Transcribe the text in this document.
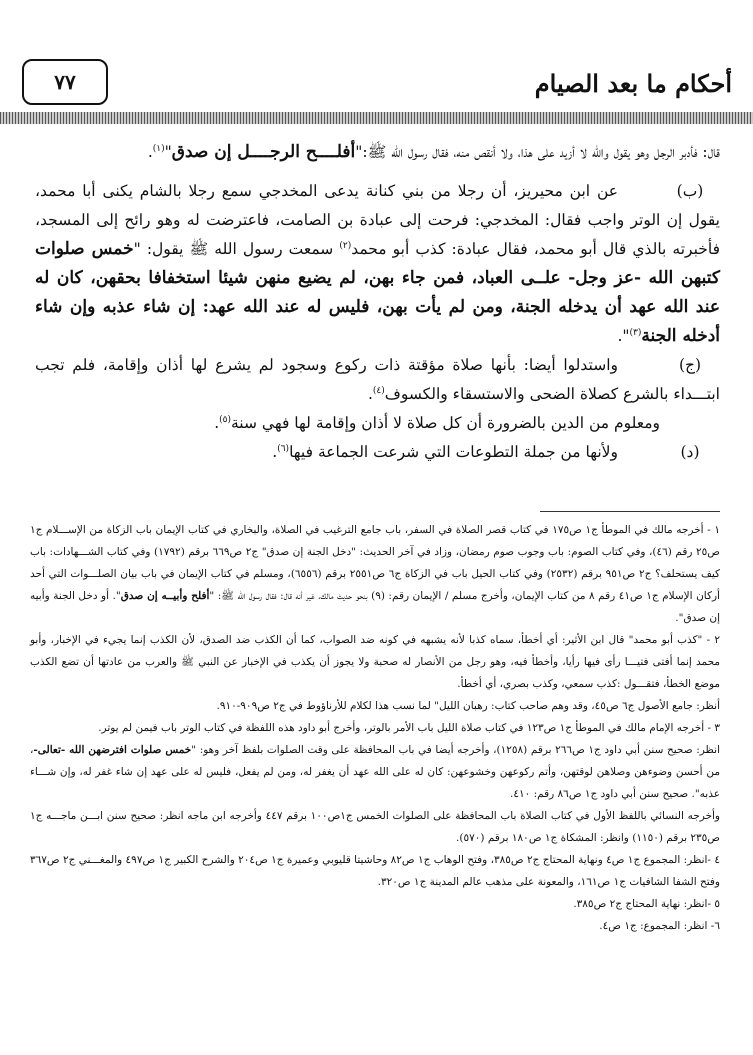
أحكام ما بعد الصيام
٧٧

قال: فأدبر الرجل وهو يقول والله لا أزيد على هذا، ولا أنقص منه، فقال رسول الله ﷺ:"أفلــــح الرجــــل إن صدق"$^{(١)}$.

(ب)عن ابن محيريز، أن رجلا من بني كنانة يدعى المخدجي سمع رجلا بالشام يكنى أبا محمد، يقول إن الوتر واجب فقال: المخدجي: فرحت إلى عبادة بن الصامت، فاعترضت له وهو رائح إلى المسجد، فأخبرته بالذي قال أبو محمد، فقال عبادة: كذب أبو محمد$^{(٢)}$ سمعت رسول الله ﷺ يقول: "خمس صلوات كتبهن الله -عز وجل- علــى العباد، فمن جاء بهن، لم يضيع منهن شيئا استخفافا بحقهن، كان له عند الله عهد أن يدخله الجنة، ومن لم يأت بهن، فليس له عند الله عهد: إن شاء عذبه وإن شاء أدخله الجنة$^{(٣)}$".

(ج)واستدلوا أيضا: بأنها صلاة مؤقتة ذات ركوع وسجود لم يشرع لها أذان وإقامة، فلم تجب ابتـــداء بالشرع كصلاة الضحى والاستسقاء والكسوف$^{(٤)}$.

ومعلوم من الدين بالضرورة أن كل صلاة لا أذان وإقامة لها فهي سنة$^{(٥)}$.

(د)ولأنها من جملة التطوعات التي شرعت الجماعة فيها$^{(٦)}$.

١ - أخرجه مالك في الموطأ ج١ ص١٧٥ في كتاب قصر الصلاة في السفر، باب جامع الترغيب في الصلاة، والبخاري في كتاب الإيمان باب الزكاة من الإســـلام ج١ ص٢٥ رقم (٤٦)، وفي كتاب الصوم: باب وجوب صوم رمضان، وزاد في آخر الحديث: "دخل الجنة إن صدق" ج٢ ص٦٦٩ برقم (١٧٩٢) وفي كتاب الشـــهادات: باب كيف يستحلف؟ ج٢ ص٩٥١ برقم (٢٥٣٢) وفي كتاب الحيل باب في الزكاة ج٦ ص٢٥٥١ برقم (٦٥٥٦)، ومسلم في كتاب الإيمان في باب بيان الصلـــوات التي أحد أركان الإسلام ج١ ص٤١ رقم ٨ من كتاب الإيمان، وأخرج مسلم / الإيمان رقم: (٩) بنحو حديث مالك، غير أنه قال: فقال رسول الله ﷺ: "أفلح وأبيــه إن صدق". أو دخل الجنة وأبيه إن صدق".

٢ - "كذب أبو محمد" قال ابن الأثير: أي أخطأ، سماه كذبا لأنه يشبهه في كونه ضد الصواب، كما أن الكذب ضد الصدق، لأن الكذب إنما يجيء في الإخبار، وأبو محمد إنما أفتى فتيـــا رأى فيها رأيا، وأخطأ فيه، وهو رجل من الأنصار له صحبة ولا يجوز أن يكذب في الإخبار عن النبي ﷺ والعرب من عادتها أن تضع الكذب موضع الخطأ، فتقـــول :كذب سمعي، وكذب بصري، أي أخطأ.

أنظر: جامع الأصول ج٦ ص٤٥، وقد وهم صاحب كتاب: رهبان الليل" لما نسب هذا لكلام للأرناؤوط في ج٢ ص٩٠٩-٩١٠.

٣ - أخرجه الإمام مالك في الموطأ ج١ ص١٢٣ في كتاب صلاة الليل باب الأمر بالوتر، وأخرج أبو داود هذه اللفظة في كتاب الوتر باب فيمن لم يوتر.

انظر: صحيح سنن أبي داود ج١ ص٢٦٦ برقم (١٢٥٨)، وأخرجه أيضا في باب المحافظة على وقت الصلوات بلفظ آخر وهو: "خمس صلوات افترضهن الله -تعالى-، من أحسن وضوءهن وصلاهن لوقتهن، وأتم ركوعهن وخشوعهن: كان له على الله عهد أن يغفر له، ومن لم يفعل، فليس له على عهد إن شاء غفر له، وإن شـــاء عذبه". صحيح سنن أبي داود ج١ ص٨٦ رقم: ٤١٠.

وأخرجه النسائي باللفظ الأول في كتاب الصلاة باب المحافظة على الصلوات الخمس ج١ص١٠٠ برقم ٤٤٧ وأخرجه ابن ماجه انظر: صحيح سنن ابـــن ماجـــه ج١ ص٢٣٥ برقم (١١٥٠) وانظر: المشكاة ج١ ص١٨٠ برقم (٥٧٠).

٤ -انظر: المجموع ج١ ص٤ ونهاية المحتاج ج٢ ص٣٨٥، وفتح الوهاب ج١ ص٨٢ وحاشيتا قليوبي وعميرة ج١ ص٢٠٤ والشرح الكبير ج١ ص٤٩٧ والمغـــني ج٢ ص٣٦٧ وفتح الشفا الشافيات ج١ ص١٦١، والمعونة على مذهب عالم المدينة ج١ ص٣٢٠.

٥ -انظر: نهاية المحتاج ج٢ ص٣٨٥.

٦- انظر: المجموع: ج١ ص٤.
